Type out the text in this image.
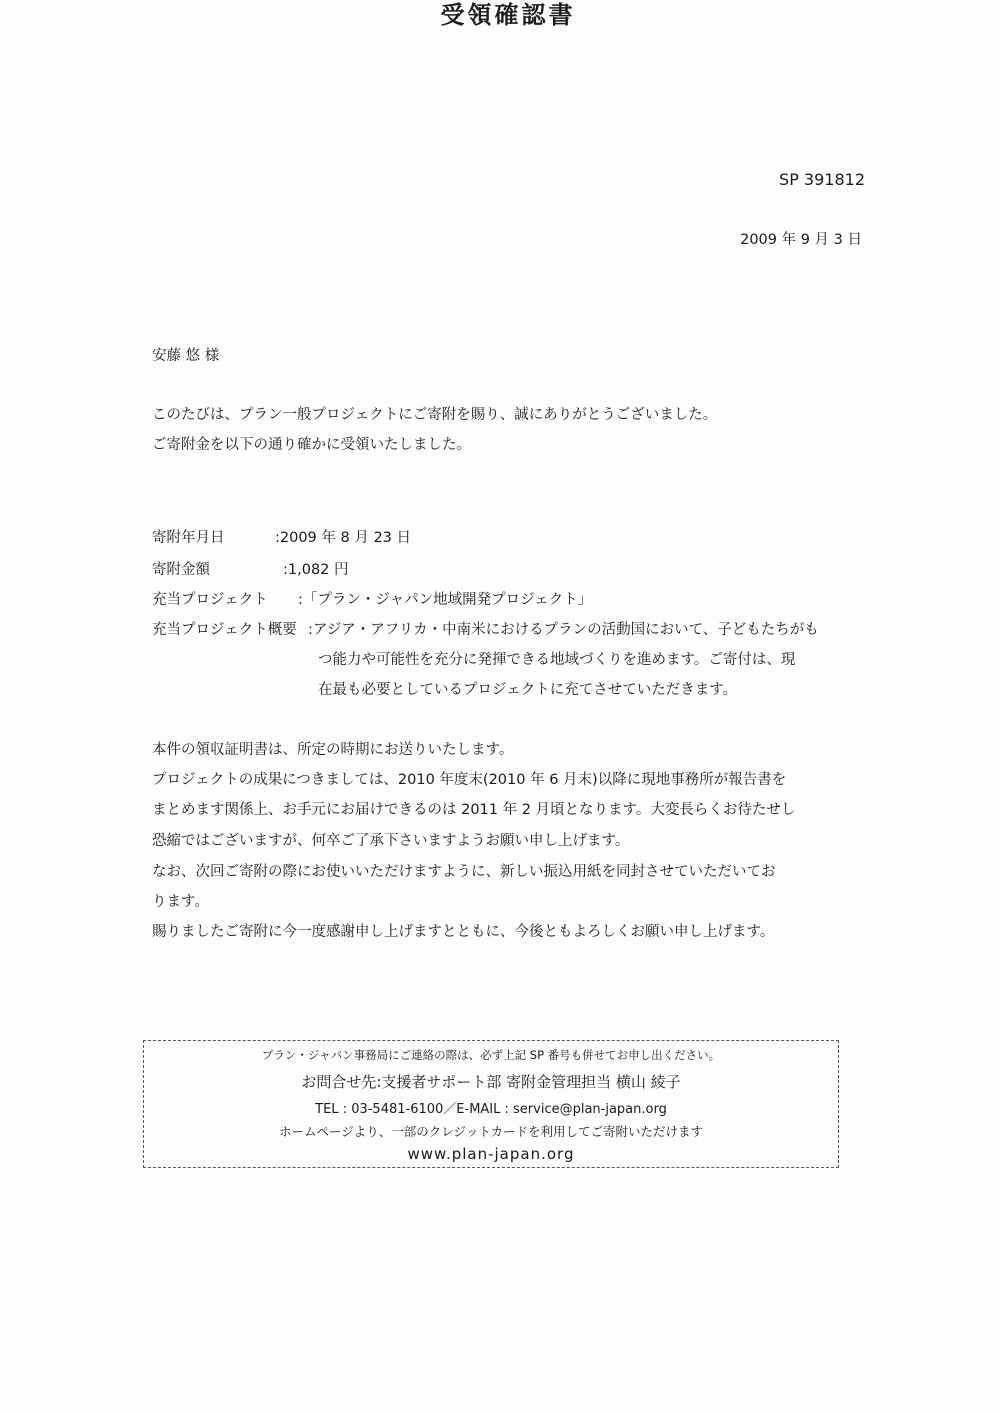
SP 391812
2009 年 9 月 3 日
受領確認書
安藤 悠 様
このたびは、プラン一般プロジェクトにご寄附を賜り、誠にありがとうございました。
ご寄附金を以下の通り確かに受領いたしました。
寄附年月日	:2009 年 8 月 23 日
寄附金額	:1,082 円
充当プロジェクト :「プラン・ジャパン地域開発プロジェクト」
充当プロジェクト概要 :アジア・アフリカ・中南米におけるプランの活動国において、子どもたちがも
つ能力や可能性を充分に発揮できる地域づくりを進めます。ご寄付は、現
在最も必要としているプロジェクトに充てさせていただきます。
本件の領収証明書は、所定の時期にお送りいたします。
プロジェクトの成果につきましては、2010 年度末(2010 年 6 月末)以降に現地事務所が報告書を
まとめます関係上、お手元にお届けできるのは 2011 年 2 月頃となります。大変長らくお待たせし
恐縮ではございますが、何卒ご了承下さいますようお願い申し上げます。
なお、次回ご寄附の際にお使いいただけますように、新しい振込用紙を同封させていただいてお
ります。
賜りましたご寄附に今一度感謝申し上げますとともに、今後ともよろしくお願い申し上げます。
プラン・ジャパン事務局にご連絡の際は、必ず上記 SP 番号も併せてお申し出ください。
お問合せ先:支援者サポート部 寄附金管理担当 横山 綾子
TEL : 03-5481-6100／E-MAIL : service@plan-japan.org
ホームページより、一部のクレジットカードを利用してご寄附いただけます
www.plan-japan.org
